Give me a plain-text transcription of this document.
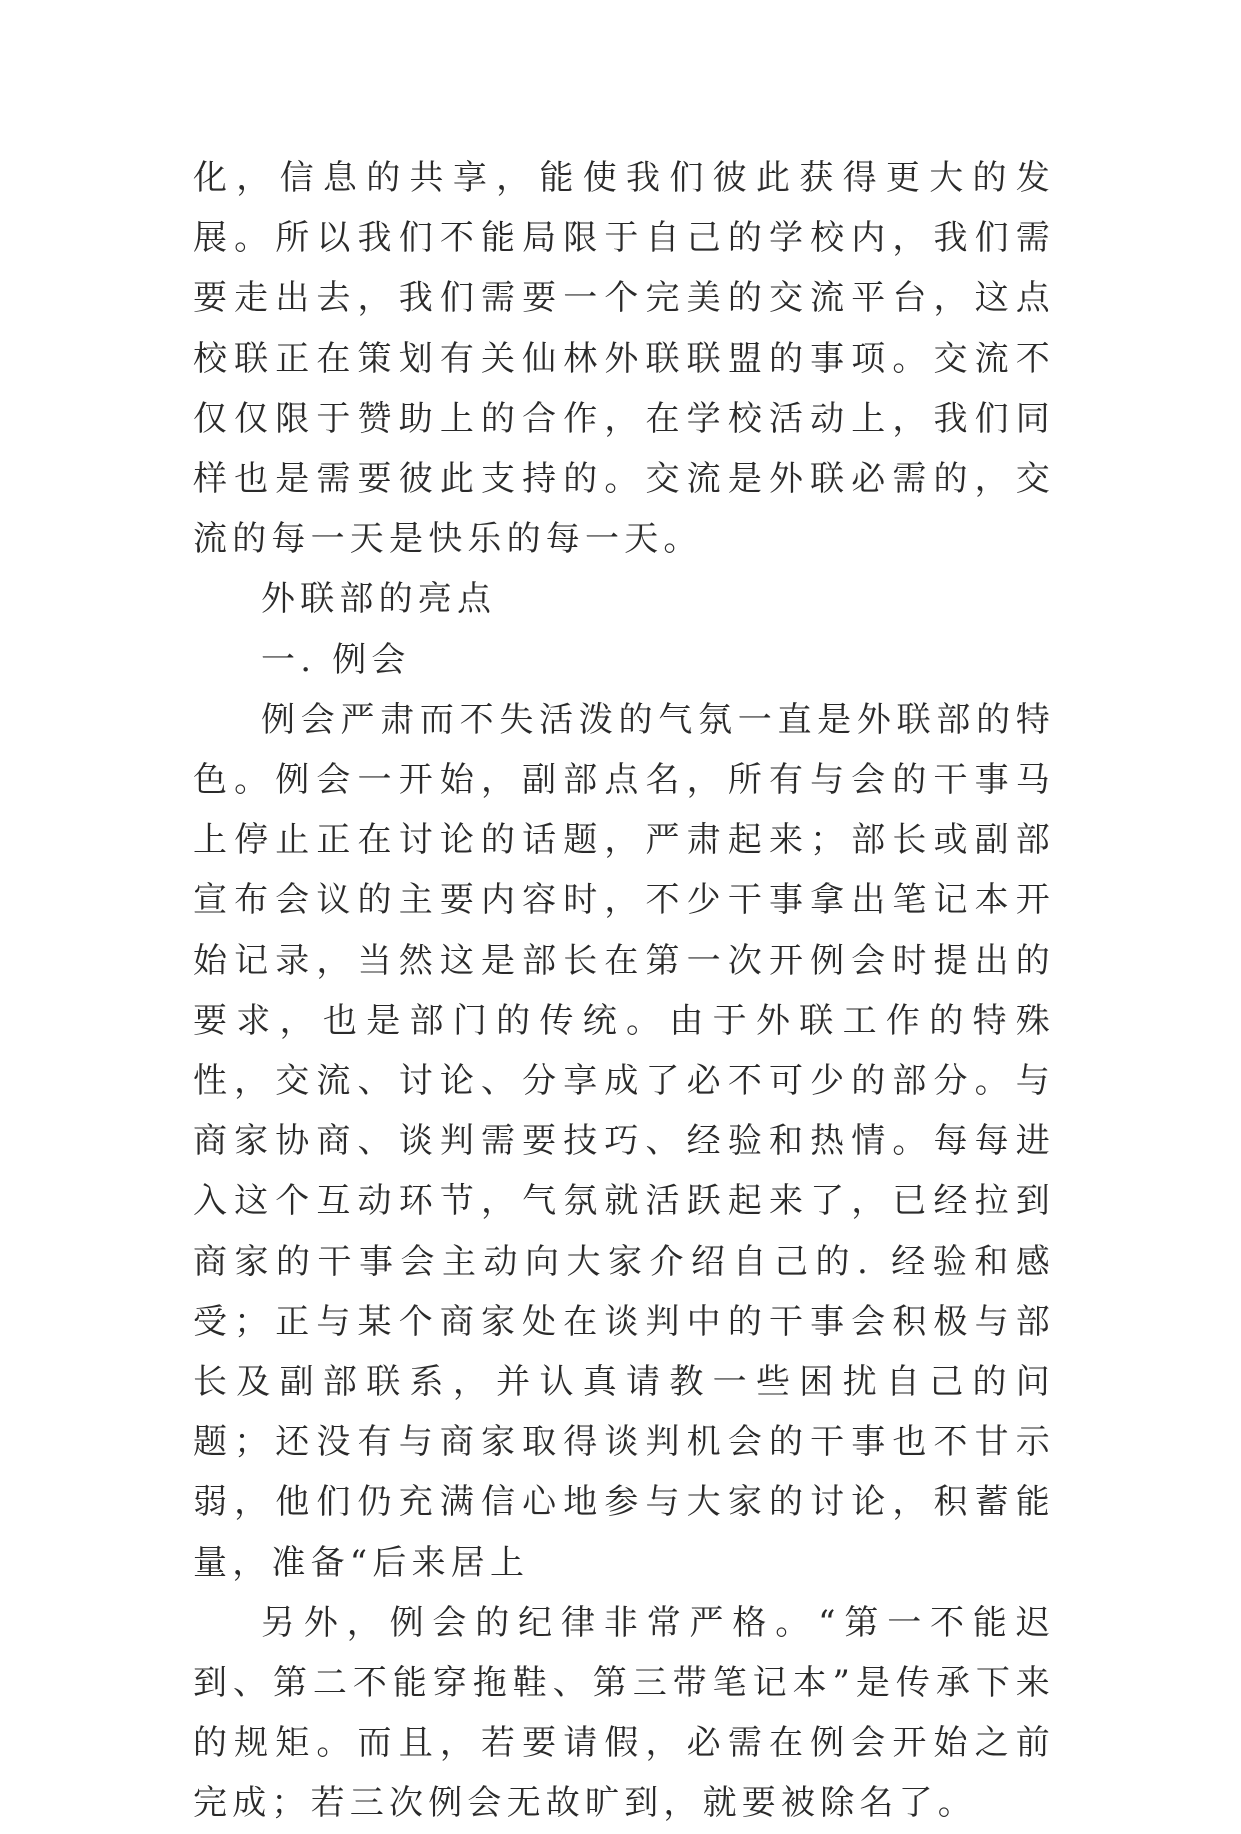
化，信息的共享，能使我们彼此获得更大的发展。所以我们不能局限于自己的学校内，我们需要走出去，我们需要一个完美的交流平台，这点校联正在策划有关仙林外联联盟的事项。交流不仅仅限于赞助上的合作，在学校活动上，我们同样也是需要彼此支持的。交流是外联必需的，交流的每一天是快乐的每一天。

外联部的亮点

一. 例会

例会严肃而不失活泼的气氛一直是外联部的特色。例会一开始，副部点名，所有与会的干事马上停止正在讨论的话题，严肃起来；部长或副部宣布会议的主要内容时，不少干事拿出笔记本开始记录，当然这是部长在第一次开例会时提出的要求，也是部门的传统。由于外联工作的特殊性，交流、讨论、分享成了必不可少的部分。与商家协商、谈判需要技巧、经验和热情。每每进入这个互动环节，气氛就活跃起来了，已经拉到商家的干事会主动向大家介绍自己的. 经验和感受；正与某个商家处在谈判中的干事会积极与部长及副部联系，并认真请教一些困扰自己的问题；还没有与商家取得谈判机会的干事也不甘示弱，他们仍充满信心地参与大家的讨论，积蓄能量，准备“后来居上

另外，例会的纪律非常严格。“第一不能迟到、第二不能穿拖鞋、第三带笔记本”是传承下来的规矩。而且，若要请假，必需在例会开始之前完成；若三次例会无故旷到，就要被除名了。
